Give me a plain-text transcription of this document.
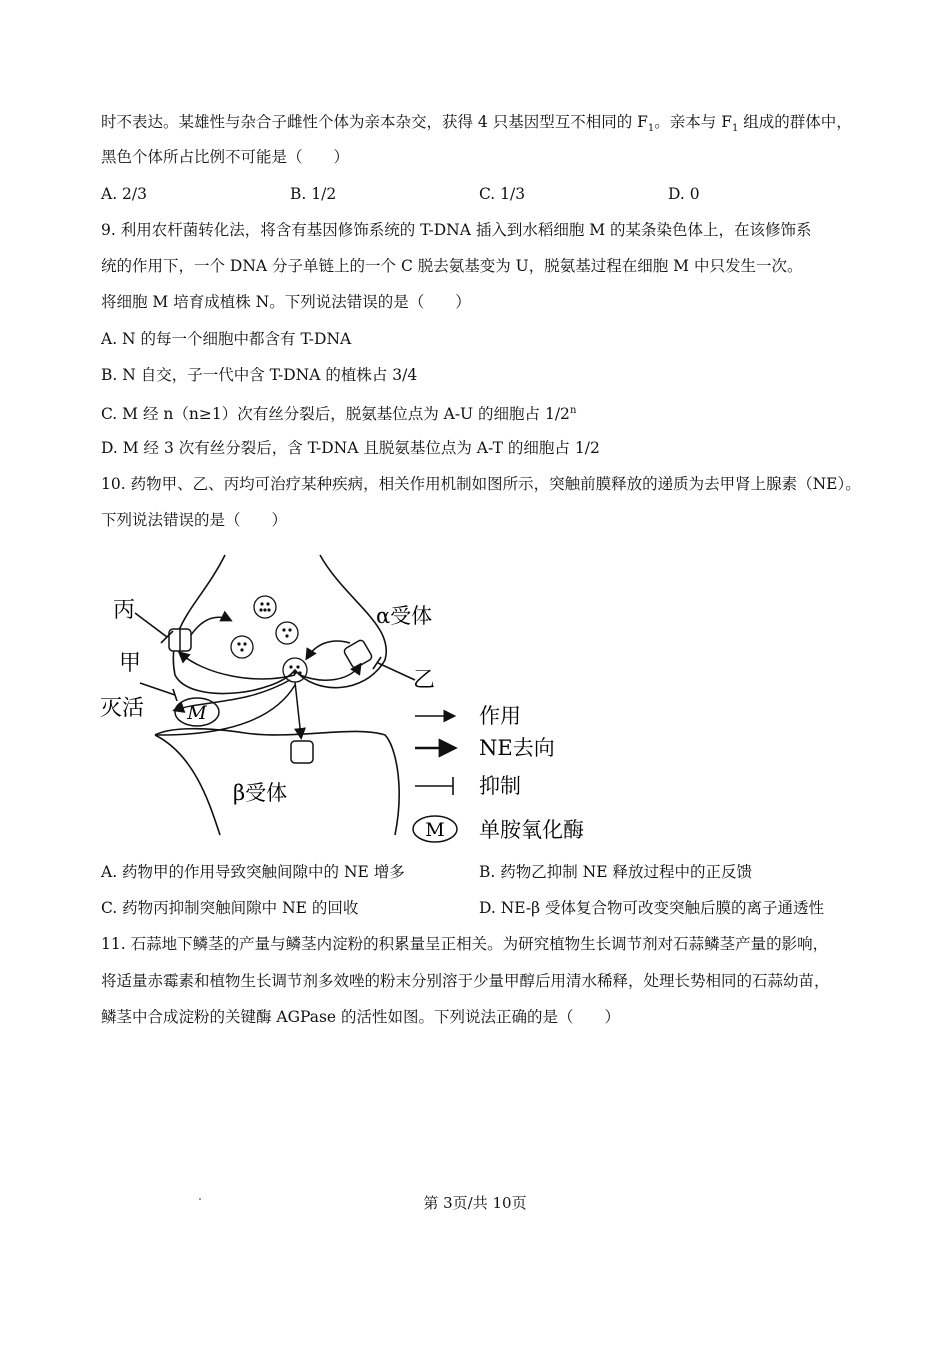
时不表达。某雄性与杂合子雌性个体为亲本杂交，获得 4 只基因型互不相同的 $F_1$。亲本与 $F_1$ 组成的群体中，
黑色个体所占比例不可能是（　　）
A. 2/3	B. 1/2	C. 1/3	D. 0
9. 利用农杆菌转化法，将含有基因修饰系统的 T-DNA 插入到水稻细胞 M 的某条染色体上，在该修饰系
统的作用下，一个 DNA 分子单链上的一个 C 脱去氨基变为 U，脱氨基过程在细胞 M 中只发生一次。
将细胞 M 培育成植株 N。下列说法错误的是（　　）
A. N 的每一个细胞中都含有 T-DNA
B. N 自交，子一代中含 T-DNA 的植株占 3/4
C. M 经 n（n≥1）次有丝分裂后，脱氨基位点为 A-U 的细胞占 1/2$^n$
D. M 经 3 次有丝分裂后，含 T-DNA 且脱氨基位点为 A-T 的细胞占 1/2
10. 药物甲、乙、丙均可治疗某种疾病，相关作用机制如图所示，突触前膜释放的递质为去甲肾上腺素（NE）。
下列说法错误的是（　　）
M
丙
甲
灭活
α受体
乙
β受体
作用
NE去向
抑制
M 单胺氧化酶
A. 药物甲的作用导致突触间隙中的 NE 增多	B. 药物乙抑制 NE 释放过程中的正反馈
C. 药物丙抑制突触间隙中 NE 的回收	D. NE-β 受体复合物可改变突触后膜的离子通透性
11. 石蒜地下鳞茎的产量与鳞茎内淀粉的积累量呈正相关。为研究植物生长调节剂对石蒜鳞茎产量的影响，
将适量赤霉素和植物生长调节剂多效唑的粉末分别溶于少量甲醇后用清水稀释，处理长势相同的石蒜幼苗，
鳞茎中合成淀粉的关键酶 AGPase 的活性如图。下列说法正确的是（　　）
第 3页/共 10页
